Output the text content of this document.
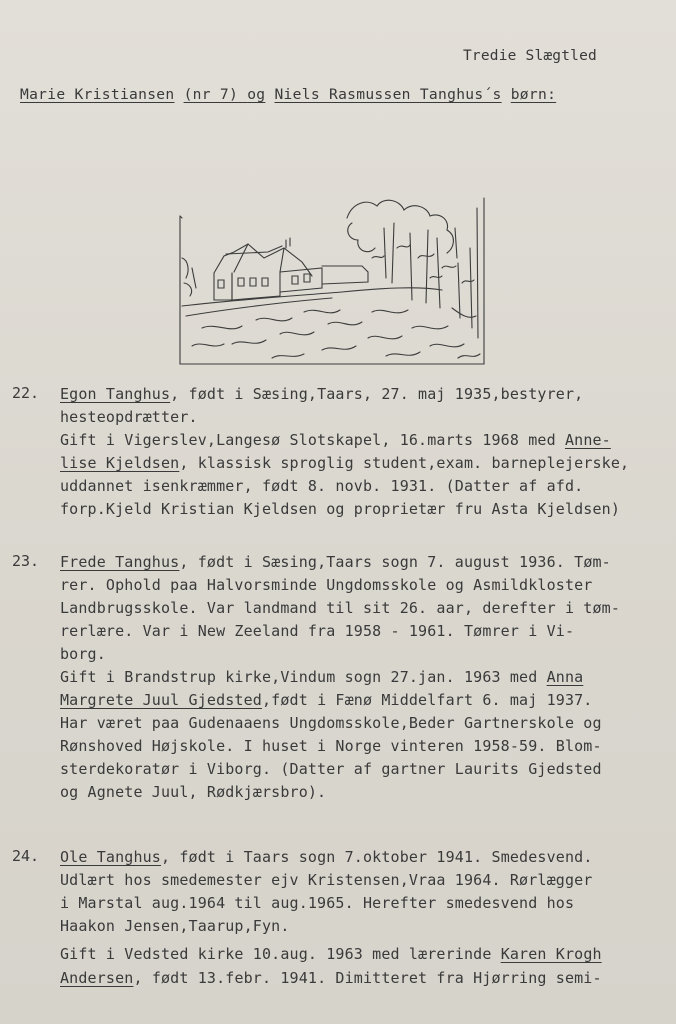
Tredie Slægtled
Marie Kristiansen (nr 7)_og Niels Rasmussen Tanghus´s børn:
22. Egon Tanghus, født i Sæsing,Taars, 27. maj 1935,bestyrer,
hesteopdrætter.
Gift i Vigerslev,Langesø Slotskapel, 16.marts 1968 med Anne-
lise Kjeldsen, klassisk sproglig student,exam. barneplejerske,
uddannet isenkræmmer, født 8. novb. 1931. (Datter af afd.
forp.Kjeld Kristian Kjeldsen og proprietær fru Asta Kjeldsen)
23. Frede Tanghus, født i Sæsing,Taars sogn 7. august 1936. Tøm-
rer. Ophold paa Halvorsminde Ungdomsskole og Asmildkloster
Landbrugsskole. Var landmand til sit 26. aar, derefter i tøm-
rerlære. Var i New Zeeland fra 1958 - 1961. Tømrer i Vi-
borg.
Gift i Brandstrup kirke,Vindum sogn 27.jan. 1963 med Anna
Margrete Juul Gjedsted,født i Fænø Middelfart 6. maj 1937.
Har været paa Gudenaaens Ungdomsskole,Beder Gartnerskole og
Rønshoved Højskole. I huset i Norge vinteren 1958-59. Blom-
sterdekoratør i Viborg. (Datter af gartner Laurits Gjedsted
og Agnete Juul, Rødkjærsbro).
24. Ole Tanghus, født i Taars sogn 7.oktober 1941. Smedesvend.
Udlært hos smedemester ejv Kristensen,Vraa 1964. Rørlægger
i Marstal aug.1964 til aug.1965. Herefter smedesvend hos
Haakon Jensen,Taarup,Fyn.
Gift i Vedsted kirke 10.aug. 1963 med lærerinde Karen Krogh
Andersen, født 13.febr. 1941. Dimitteret fra Hjørring semi-
